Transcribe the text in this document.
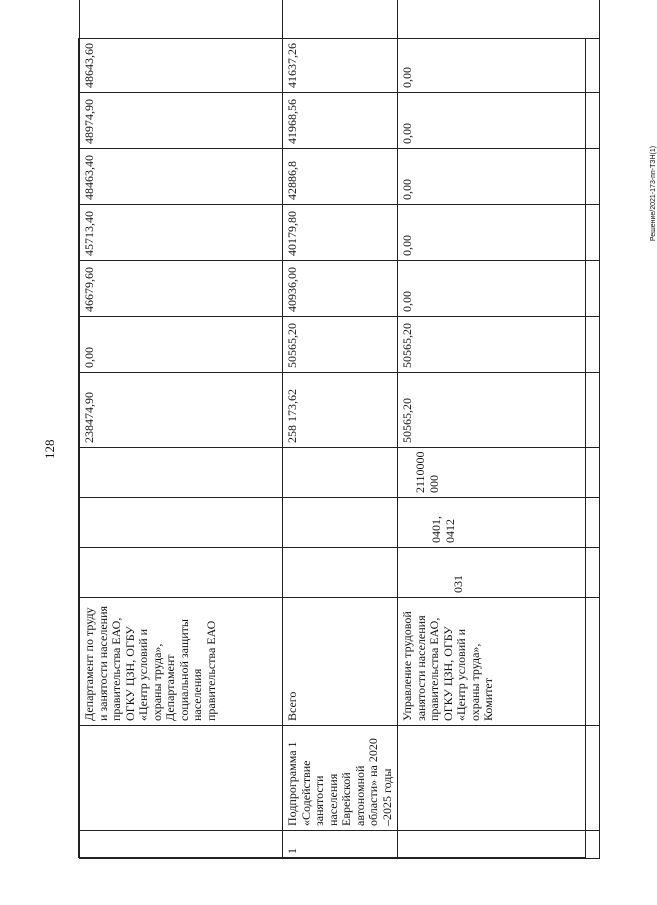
128
Решение/2021-173-пп-ТЗН(1)
		Департамент по труду и занятости населения правительства ЕАО, ОГКУ ЦЗН, ОГБУ «Центр условий и охраны труда», Департамент социальной защиты населения правительства ЕАО				238474,90	0,00	46679,60	45713,40	48463,40	48974,90	48643,60	
1	Подпрограмма 1 «Содействие занятости населения Еврейской автономной области» на 2020 –2025 годы	Всего				258 173,62	50565,20	40936,00	40179,80	42886,8	41968,56	41637,26	
		Управление трудовой занятости населения правительства ЕАО, ОГКУ ЦЗН, ОГБУ «Центр условий и охраны труда», Комитет	031	0401, 0412	2110000 000	50565,20	50565,20	0,00	0,00	0,00	0,00	0,00	
